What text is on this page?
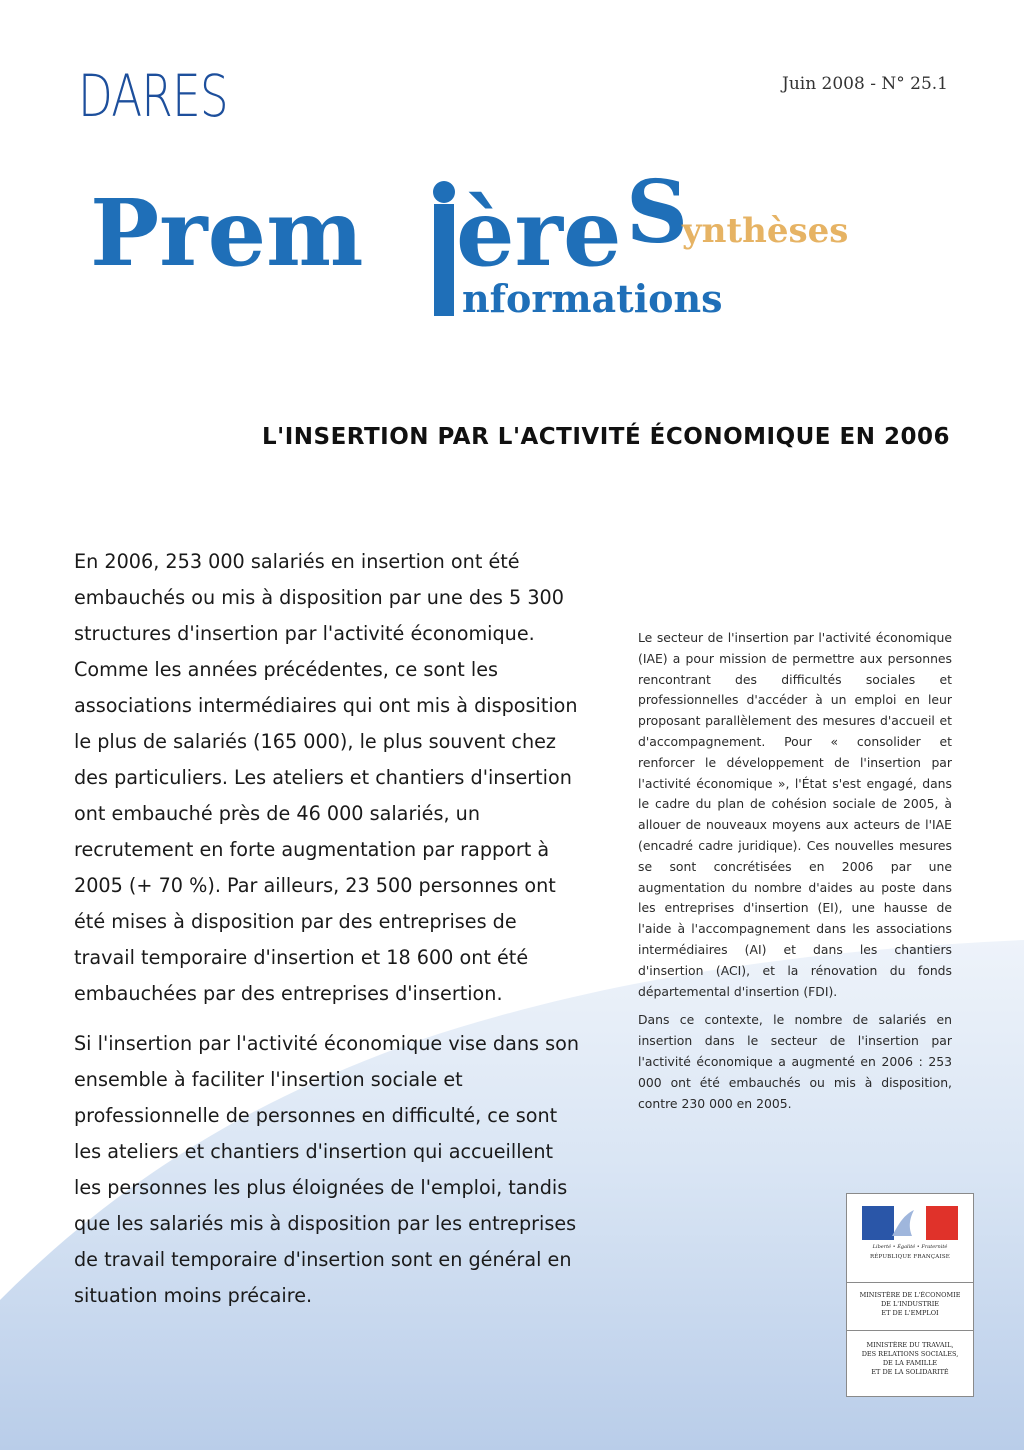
DARES	Juin 2008 - N° 25.1
Prem ère S
ynthèses
nformations
L'INSERTION PAR L'ACTIVITÉ ÉCONOMIQUE EN 2006

En 2006, 253 000 salariés en insertion ont été embauchés ou mis à disposition par une des 5 300 structures d'insertion par l'activité économique. Comme les années précédentes, ce sont les associations intermédiaires qui ont mis à disposition le plus de salariés (165 000), le plus souvent chez des particuliers. Les ateliers et chantiers d'insertion ont embauché près de 46 000 salariés, un recrutement en forte augmentation par rapport à 2005 (+ 70 %). Par ailleurs, 23 500 personnes ont été mises à disposition par des entreprises de travail temporaire d'insertion et 18 600 ont été embauchées par des entreprises d'insertion.

Si l'insertion par l'activité économique vise dans son ensemble à faciliter l'insertion sociale et professionnelle de personnes en difficulté, ce sont les ateliers et chantiers d'insertion qui accueillent les personnes les plus éloignées de l'emploi, tandis que les salariés mis à disposition par les entreprises de travail temporaire d'insertion sont en général en situation moins précaire.

Le secteur de l'insertion par l'activité économique (IAE) a pour mission de permettre aux personnes rencontrant des difficultés sociales et professionnelles d'accéder à un emploi en leur proposant parallèlement des mesures d'accueil et d'accompagnement. Pour « consolider et renforcer le développement de l'insertion par l'activité économique », l'État s'est engagé, dans le cadre du plan de cohésion sociale de 2005, à allouer de nouveaux moyens aux acteurs de l'IAE (encadré cadre juridique). Ces nouvelles mesures se sont concrétisées en 2006 par une augmentation du nombre d'aides au poste dans les entreprises d'insertion (EI), une hausse de l'aide à l'accompagnement dans les associations intermédiaires (AI) et dans les chantiers d'insertion (ACI), et la rénovation du fonds départemental d'insertion (FDI).

Dans ce contexte, le nombre de salariés en insertion dans le secteur de l'insertion par l'activité économique a augmenté en 2006 : 253 000 ont été embauchés ou mis à disposition, contre 230 000 en 2005.

Liberté • Égalité • Fraternité
RÉPUBLIQUE FRANÇAISE
MINISTÈRE DE L'ÉCONOMIE
DE L'INDUSTRIE
ET DE L'EMPLOI
MINISTÈRE DU TRAVAIL,
DES RELATIONS SOCIALES,
DE LA FAMILLE
ET DE LA SOLIDARITÉ
